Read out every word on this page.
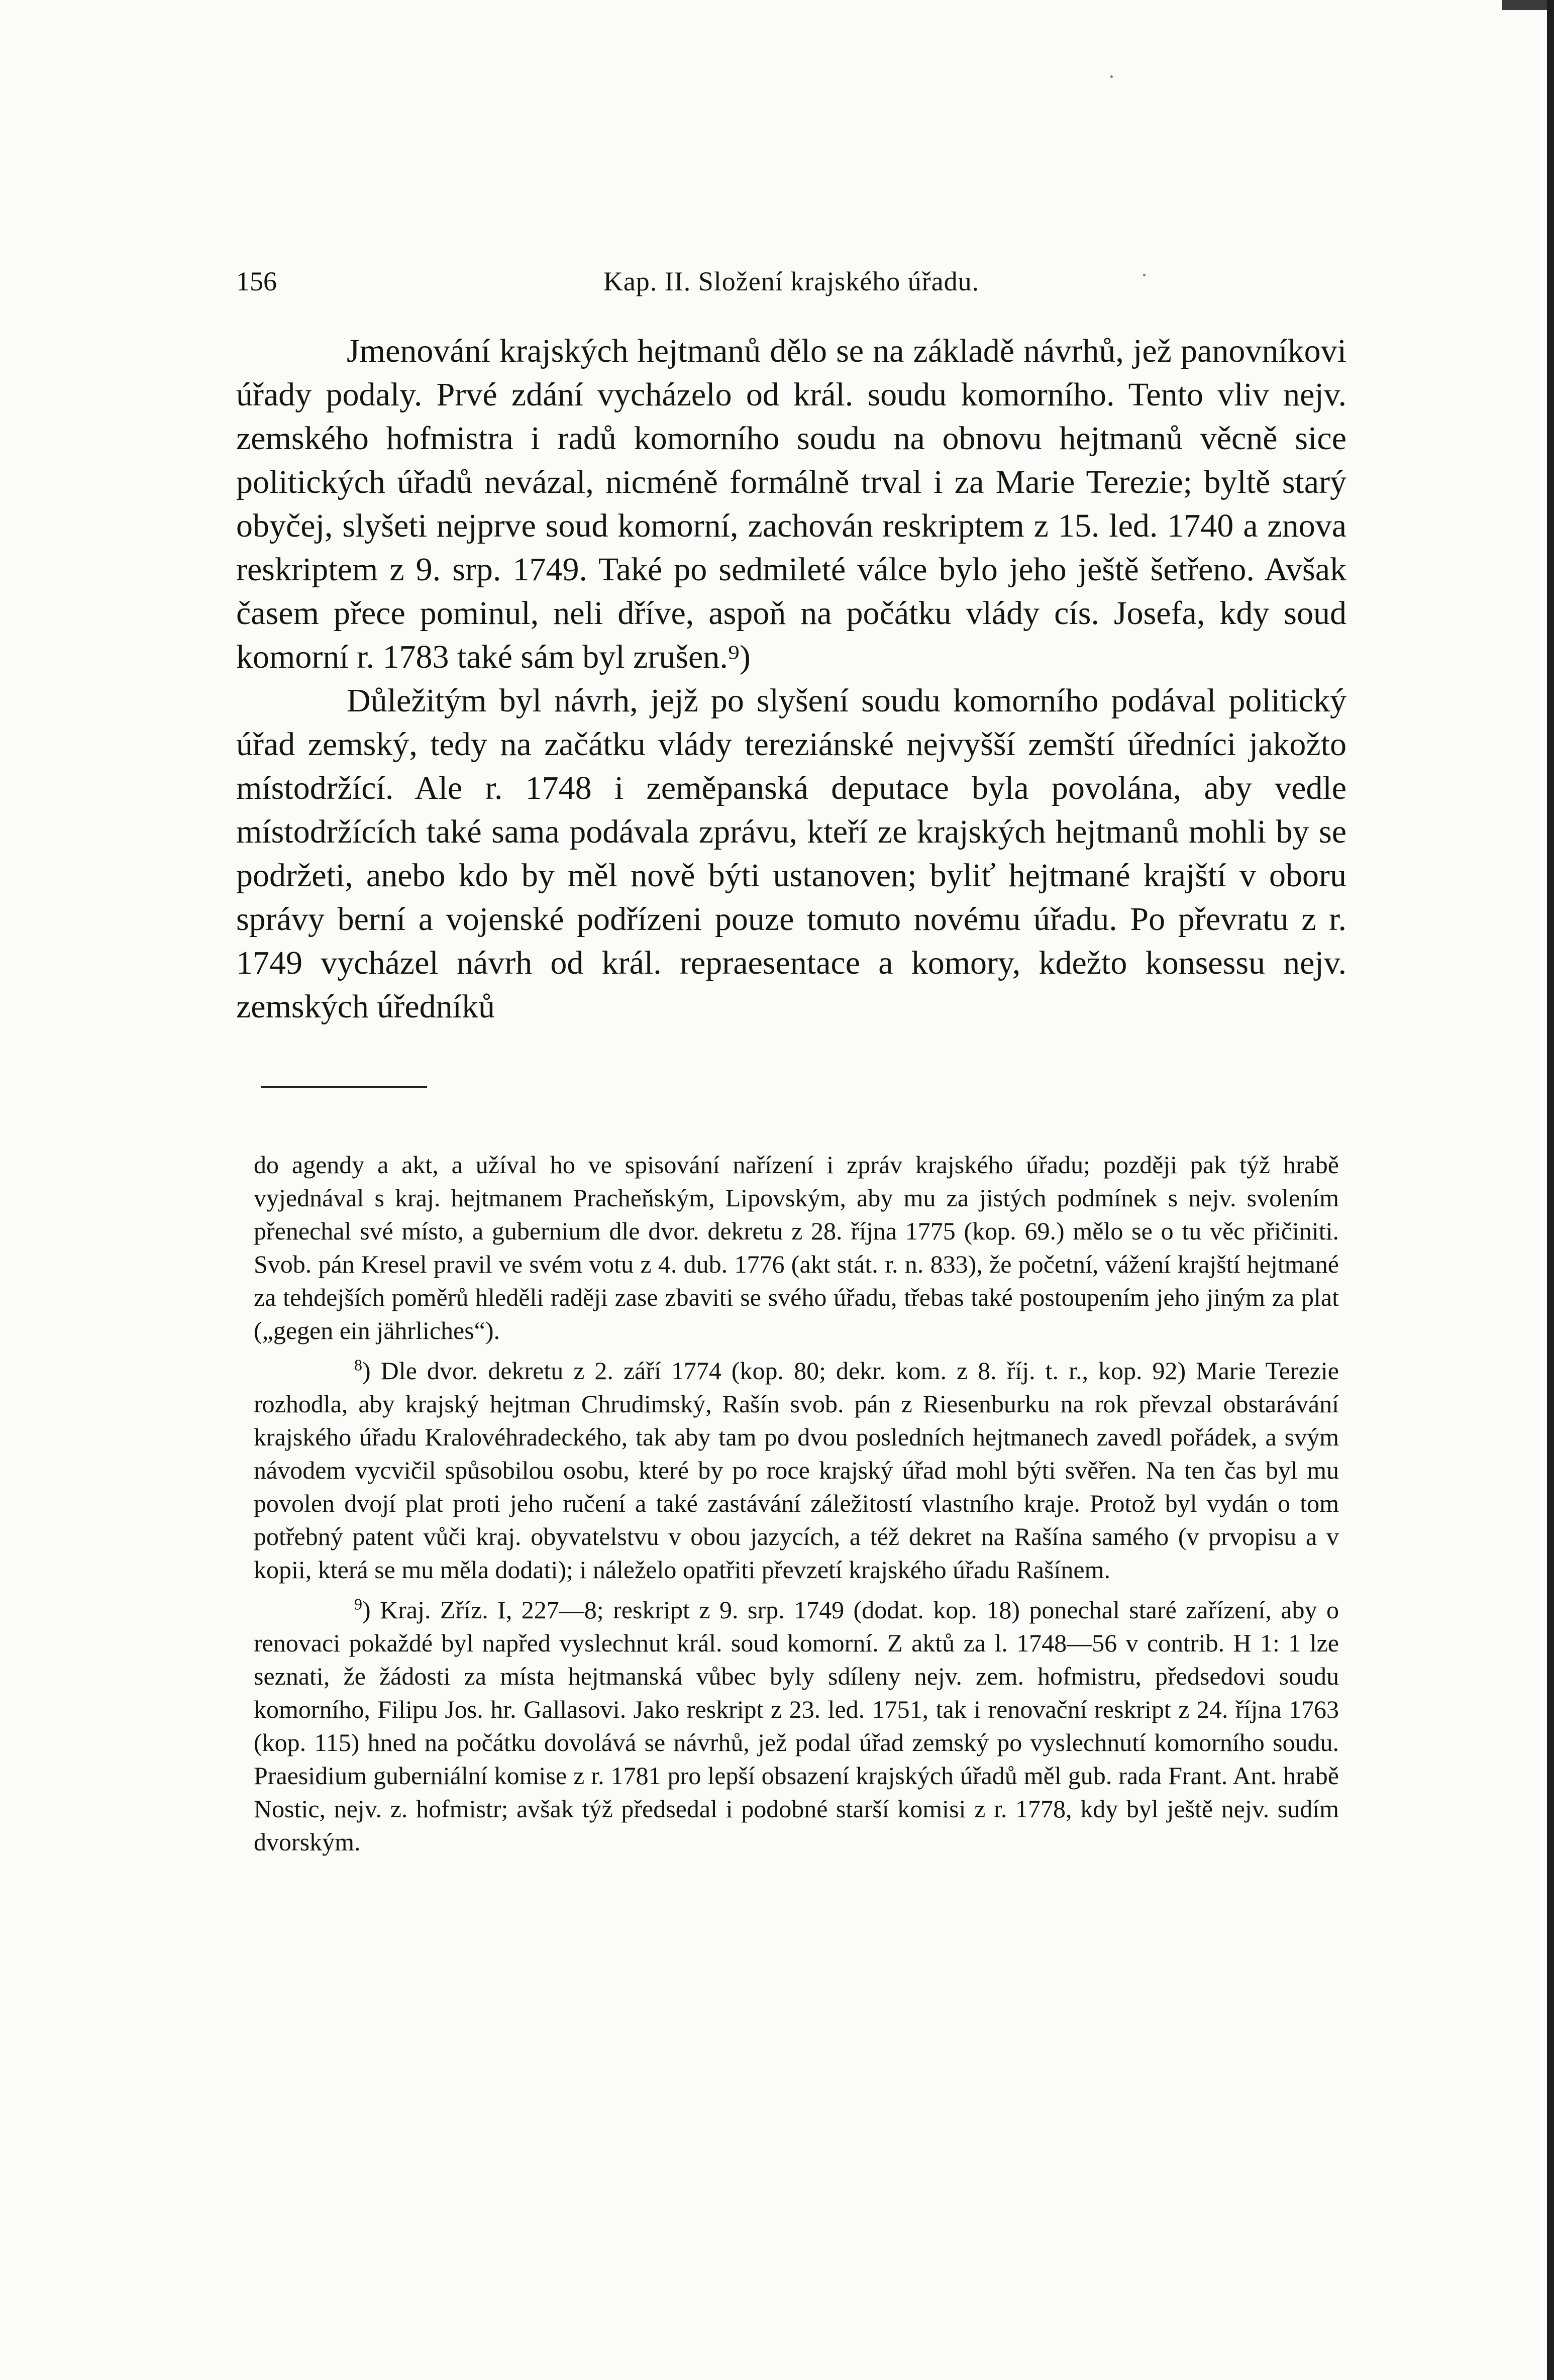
156	Kap. II. Složení krajského úřadu.

Jmenování krajských hejtmanů dělo se na základě návrhů, jež panovníkovi úřady podaly. Prvé zdání vycházelo od král. soudu komorního. Tento vliv nejv. zemského hofmistra i radů komorního soudu na obnovu hejtmanů věcně sice politických úřadů nevázal, nicméně formálně trval i za Marie Terezie; byltě starý obyčej, slyšeti nejprve soud komorní, zachován reskriptem z 15. led. 1740 a znova reskriptem z 9. srp. 1749. Také po sedmileté válce bylo jeho ještě šetřeno. Avšak časem přece pominul, neli dříve, aspoň na počátku vlády cís. Josefa, kdy soud komorní r. 1783 také sám byl zrušen.⁹)

Důležitým byl návrh, jejž po slyšení soudu komorního podával politický úřad zemský, tedy na začátku vlády tereziánské nejvyšší zemští úředníci jakožto místodržící. Ale r. 1748 i zeměpanská deputace byla povolána, aby vedle místodržících také sama podávala zprávu, kteří ze krajských hejtmanů mohli by se podržeti, anebo kdo by měl nově býti ustanoven; byliť hejtmané krajští v oboru správy berní a vojenské podřízeni pouze tomuto novému úřadu. Po převratu z r. 1749 vycházel návrh od král. repraesentace a komory, kdežto konsessu nejv. zemských úředníků

do agendy a akt, a užíval ho ve spisování nařízení i zpráv krajského úřadu; později pak týž hrabě vyjednával s kraj. hejtmanem Pracheňským, Lipovským, aby mu za jistých podmínek s nejv. svolením přenechal své místo, a gubernium dle dvor. dekretu z 28. října 1775 (kop. 69.) mělo se o tu věc přičiniti. Svob. pán Kresel pravil ve svém votu z 4. dub. 1776 (akt stát. r. n. 833), že početní, vážení krajští hejtmané za tehdejších poměrů hleděli raději zase zbaviti se svého úřadu, třebas také postoupením jeho jiným za plat („gegen ein jährliches“).

$^8$) Dle dvor. dekretu z 2. září 1774 (kop. 80; dekr. kom. z 8. říj. t. r., kop. 92) Marie Terezie rozhodla, aby krajský hejtman Chrudimský, Rašín svob. pán z Riesenburku na rok převzal obstarávání krajského úřadu Kralovéhradeckého, tak aby tam po dvou posledních hejtmanech zavedl pořádek, a svým návodem vycvičil spůsobilou osobu, které by po roce krajský úřad mohl býti svěřen. Na ten čas byl mu povolen dvojí plat proti jeho ručení a také zastávání záležitostí vlastního kraje. Protož byl vydán o tom potřebný patent vůči kraj. obyvatelstvu v obou jazycích, a též dekret na Rašína samého (v prvopisu a v kopii, která se mu měla dodati); i náleželo opatřiti převzetí krajského úřadu Rašínem.

$^9$) Kraj. Zříz. I, 227—8; reskript z 9. srp. 1749 (dodat. kop. 18) ponechal staré zařízení, aby o renovaci pokaždé byl napřed vyslechnut král. soud komorní. Z aktů za l. 1748—56 v contrib. H 1: 1 lze seznati, že žádosti za místa hejtmanská vůbec byly sdíleny nejv. zem. hofmistru, předsedovi soudu komorního, Filipu Jos. hr. Gallasovi. Jako reskript z 23. led. 1751, tak i renovační reskript z 24. října 1763 (kop. 115) hned na počátku dovolává se návrhů, jež podal úřad zemský po vyslechnutí komorního soudu. Praesidium guberniální komise z r. 1781 pro lepší obsazení krajských úřadů měl gub. rada Frant. Ant. hrabě Nostic, nejv. z. hofmistr; avšak týž předsedal i podobné starší komisi z r. 1778, kdy byl ještě nejv. sudím dvorským.
